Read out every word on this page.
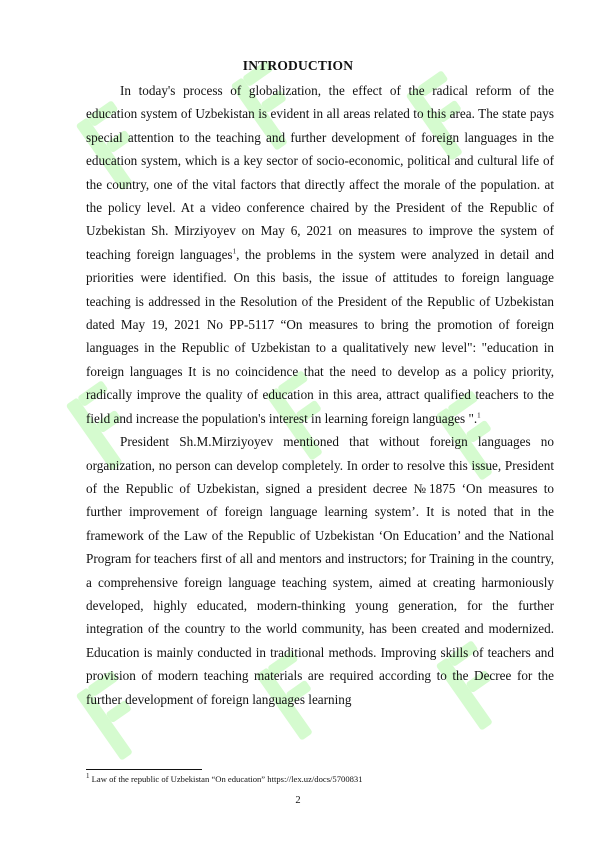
INTRODUCTION

In today's process of globalization, the effect of the radical reform of the education system of Uzbekistan is evident in all areas related to this area. The state pays special attention to the teaching and further development of foreign languages in the education system, which is a key sector of socio-economic, political and cultural life of the country, one of the vital factors that directly affect the morale of the population. at the policy level. At a video conference chaired by the President of the Republic of Uzbekistan Sh. Mirziyoyev on May 6, 2021 on measures to improve the system of teaching foreign languages$^1$, the problems in the system were analyzed in detail and priorities were identified. On this basis, the issue of attitudes to foreign language teaching is addressed in the Resolution of the President of the Republic of Uzbekistan dated May 19, 2021 No PP-5117 “On measures to bring the promotion of foreign languages in the Republic of Uzbekistan to a qualitatively new level": "education in foreign languages It is no coincidence that the need to develop as a policy priority, radically improve the quality of education in this area, attract qualified teachers to the field and increase the population's interest in learning foreign languages ".$^1$

President Sh.M.Mirziyoyev mentioned that without foreign languages no organization, no person can develop completely. In order to resolve this issue, President of the Republic of Uzbekistan, signed a president decree №1875 ‘On measures to further improvement of foreign language learning system’. It is noted that in the framework of the Law of the Republic of Uzbekistan ‘On Education’ and the National Program for teachers first of all and mentors and instructors; for Training in the country, a comprehensive foreign language teaching system, aimed at creating harmoniously developed, highly educated, modern-thinking young generation, for the further integration of the country to the world community, has been created and modernized. Education is mainly conducted in traditional methods. Improving skills of teachers and provision of modern teaching materials are required according to the Decree for the further development of foreign languages learning

$^1$ Law of the republic of Uzbekistan “On education” https://lex.uz/docs/5700831
2
